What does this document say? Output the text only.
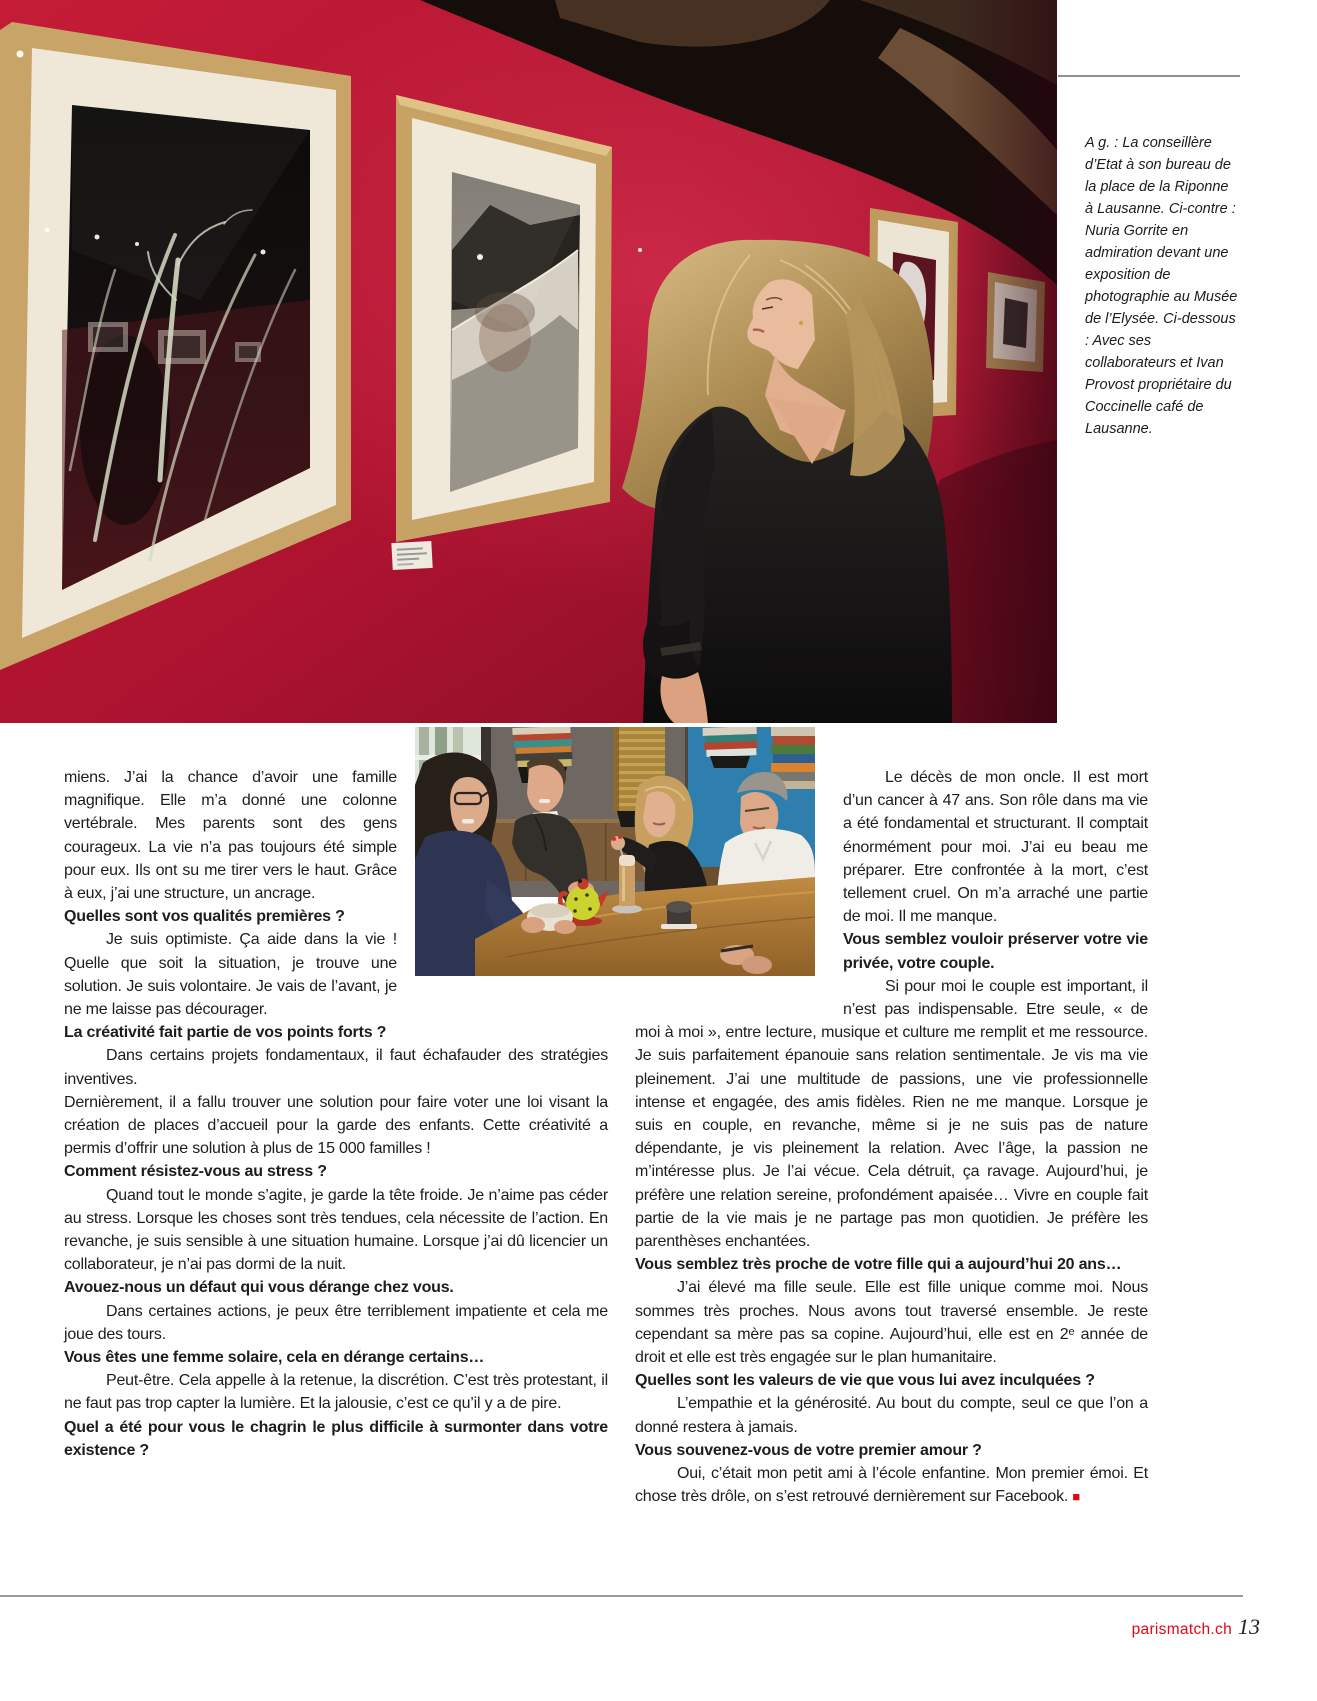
A g. : La conseillère d’Etat à son bureau de la place de la Riponne à Lausanne. Ci-contre : Nuria Gorrite en admiration devant une exposition de photographie au Musée de l’Elysée. Ci-dessous : Avec ses collaborateurs et Ivan Provost propriétaire du Coccinelle café de Lausanne.

miens. J’ai la chance d’avoir une famille magnifique. Elle m’a donné une colonne vertébrale. Mes parents sont des gens courageux. La vie n’a pas toujours été simple pour eux. Ils ont su me tirer vers le haut. Grâce à eux, j’ai une structure, un ancrage.

Quelles sont vos qualités premières ?

Je suis optimiste. Ça aide dans la vie ! Quelle que soit la situation, je trouve une solution. Je suis volontaire. Je vais de l’avant, je ne me laisse pas décourager.

La créativité fait partie de vos points forts ?

Dans certains projets fondamentaux, il faut échafauder des stratégies inventives.

Dernièrement, il a fallu trouver une solution pour faire voter une loi visant la création de places d’accueil pour la garde des enfants. Cette créativité a permis d’offrir une solution à plus de 15 000 familles !

Comment résistez-vous au stress ?

Quand tout le monde s’agite, je garde la tête froide. Je n’aime pas céder au stress. Lorsque les choses sont très tendues, cela nécessite de l’action. En revanche, je suis sensible à une situation humaine. Lorsque j’ai dû licencier un collaborateur, je n’ai pas dormi de la nuit.

Avouez-nous un défaut qui vous dérange chez vous.

Dans certaines actions, je peux être terriblement impatiente et cela me joue des tours.

Vous êtes une femme solaire, cela en dérange certains…

Peut-être. Cela appelle à la retenue, la discrétion. C’est très protestant, il ne faut pas trop capter la lumière. Et la jalousie, c’est ce qu’il y a de pire.

Quel a été pour vous le chagrin le plus difficile à surmonter dans votre existence ?

Le décès de mon oncle. Il est mort d’un cancer à 47 ans. Son rôle dans ma vie a été fondamental et structurant. Il comptait énormément pour moi. J’ai eu beau me préparer. Etre confrontée à la mort, c’est tellement cruel. On m’a arraché une partie de moi. Il me manque.

Vous semblez vouloir préserver votre vie privée, votre couple.

Si pour moi le couple est important, il n’est pas indispensable. Etre seule, « de moi à moi », entre lecture, musique et culture me remplit et me ressource. Je suis parfaitement épanouie sans relation sentimentale. Je vis ma vie pleinement. J’ai une multitude de passions, une vie professionnelle intense et engagée, des amis fidèles. Rien ne me manque. Lorsque je suis en couple, en revanche, même si je ne suis pas de nature dépendante, je vis pleinement la relation. Avec l’âge, la passion ne m’intéresse plus. Je l’ai vécue. Cela détruit, ça ravage. Aujourd’hui, je préfère une relation sereine, profondément apaisée… Vivre en couple fait partie de la vie mais je ne partage pas mon quotidien. Je préfère les parenthèses enchantées.

Vous semblez très proche de votre fille qui a aujourd’hui 20 ans…

J’ai élevé ma fille seule. Elle est fille unique comme moi. Nous sommes très proches. Nous avons tout traversé ensemble. Je reste cependant sa mère pas sa copine. Aujourd’hui, elle est en 2ᵉ année de droit et elle est très engagée sur le plan humanitaire.

Quelles sont les valeurs de vie que vous lui avez inculquées ?

L’empathie et la générosité. Au bout du compte, seul ce que l’on a donné restera à jamais.

Vous souvenez-vous de votre premier amour ?

Oui, c’était mon petit ami à l’école enfantine. Mon premier émoi. Et chose très drôle, on s’est retrouvé dernièrement sur Facebook. ■

parismatch.ch 13
